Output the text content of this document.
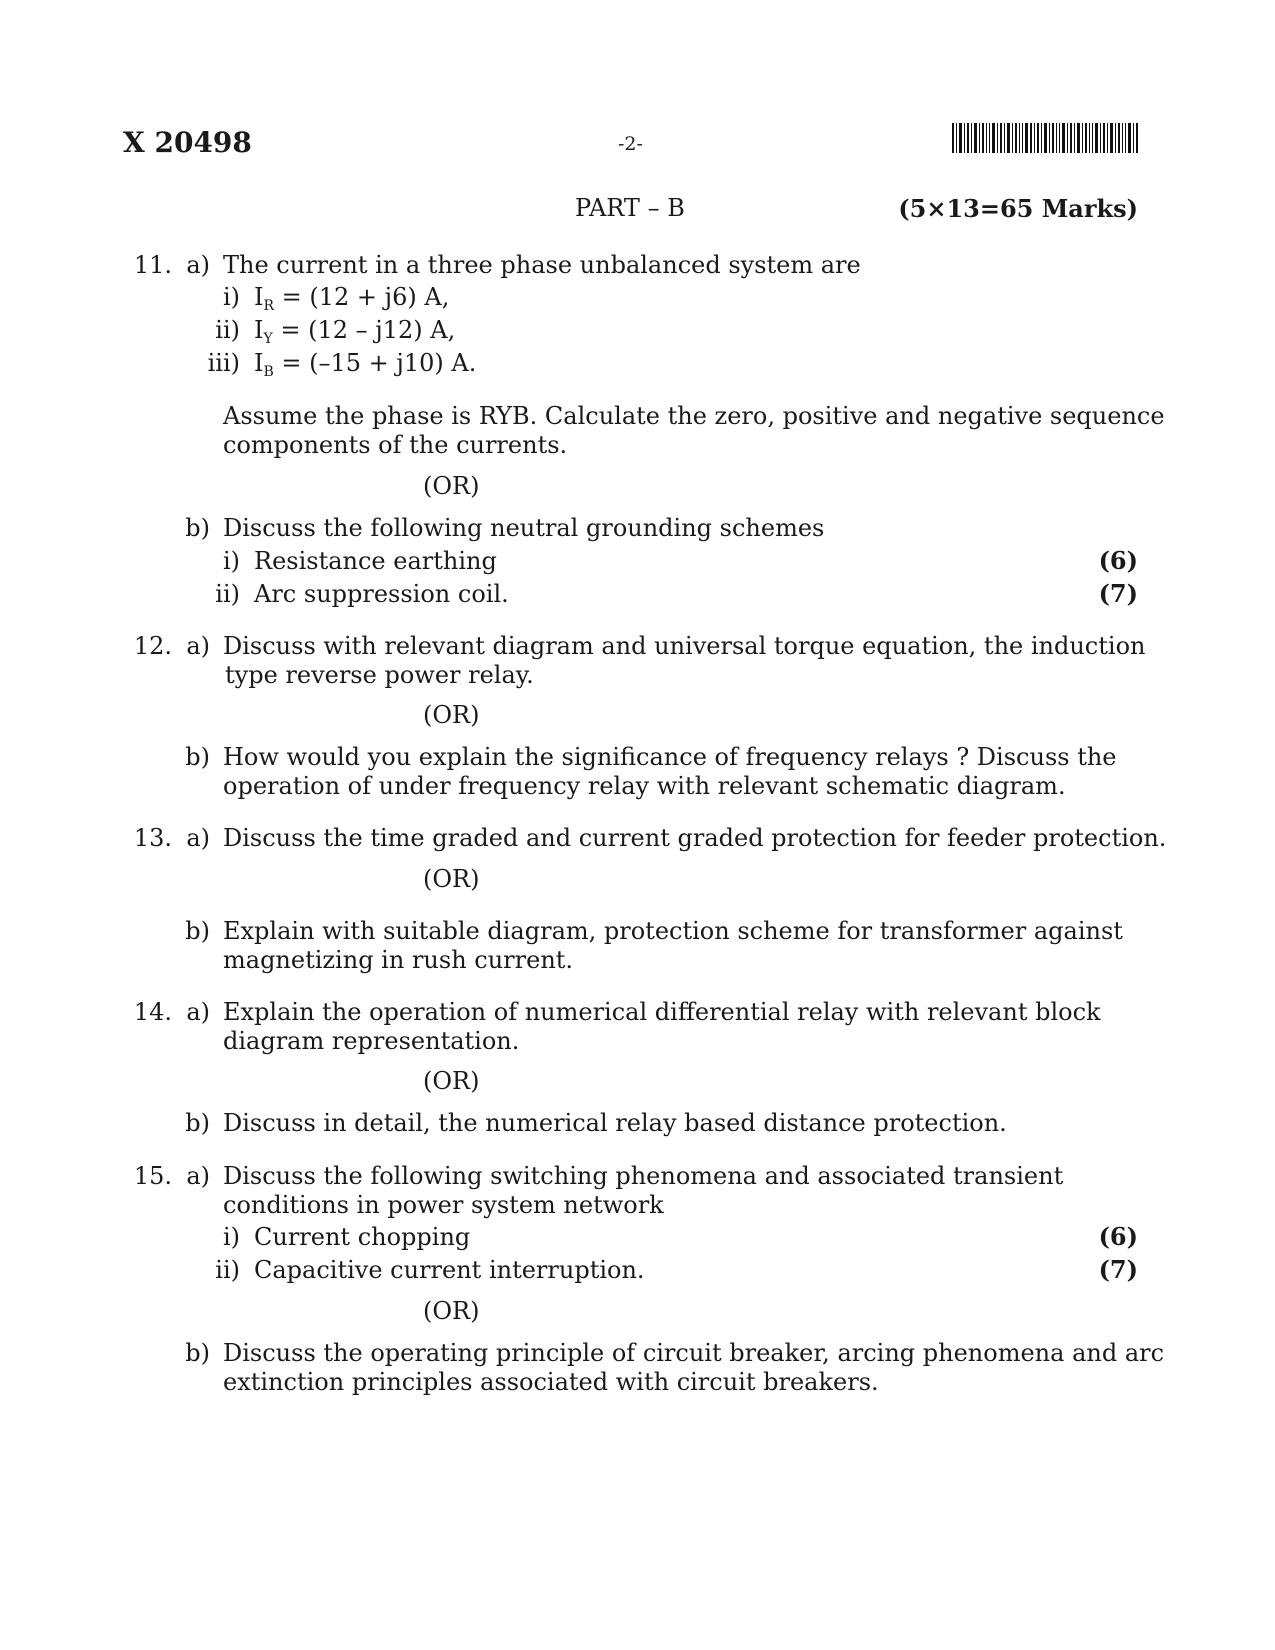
X 20498	-2-
PART – B	(5×13=65 Marks)
11. a) The current in a three phase unbalanced system are
i) $I_R = (12 + j6)$ A,
ii) $I_Y = (12 - j12)$ A,
iii) $I_B = (-15 + j10)$ A.
Assume the phase is RYB. Calculate the zero, positive and negative sequence
components of the currents.
(OR)
b) Discuss the following neutral grounding schemes
i) Resistance earthing	(6)
ii) Arc suppression coil.	(7)
12. a) Discuss with relevant diagram and universal torque equation, the induction
type reverse power relay.
(OR)
b) How would you explain the significance of frequency relays ? Discuss the
operation of under frequency relay with relevant schematic diagram.
13. a) Discuss the time graded and current graded protection for feeder protection.
(OR)
b) Explain with suitable diagram, protection scheme for transformer against
magnetizing in rush current.
14. a) Explain the operation of numerical differential relay with relevant block
diagram representation.
(OR)
b) Discuss in detail, the numerical relay based distance protection.
15. a) Discuss the following switching phenomena and associated transient
conditions in power system network
i) Current chopping	(6)
ii) Capacitive current interruption.	(7)
(OR)
b) Discuss the operating principle of circuit breaker, arcing phenomena and arc
extinction principles associated with circuit breakers.
